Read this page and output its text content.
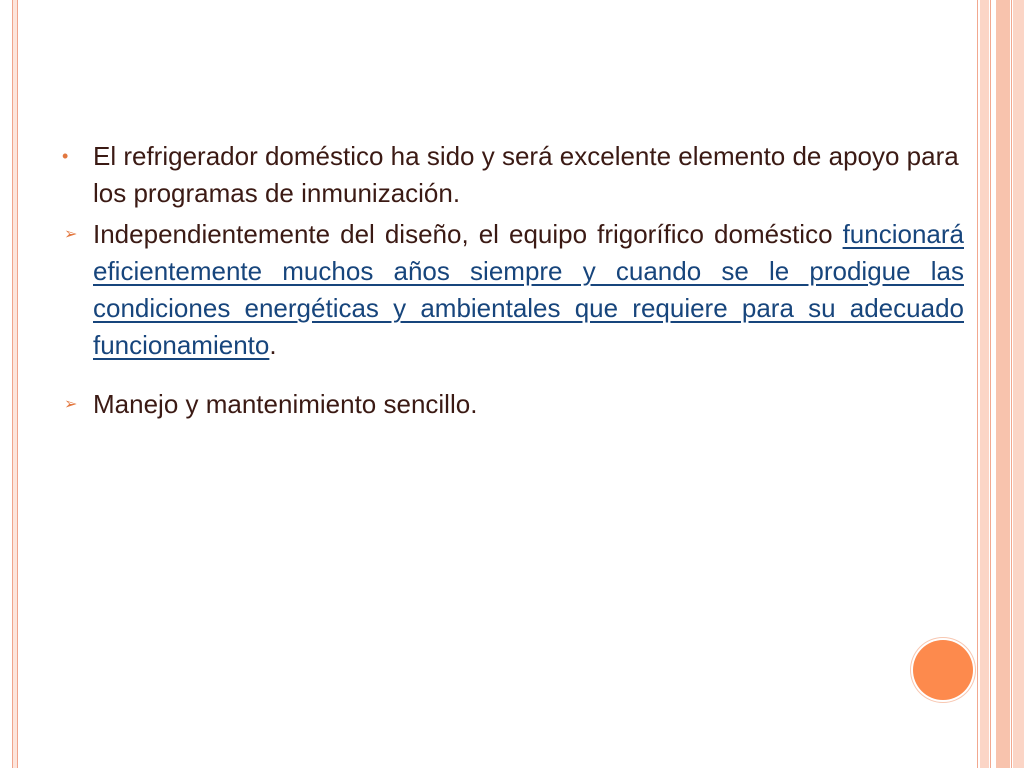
• El refrigerador doméstico ha sido y será excelente elemento de apoyo para los programas de inmunización.
➢ Independientemente del diseño, el equipo frigorífico doméstico funcionará eficientemente muchos años siempre y cuando se le prodigue las condiciones energéticas y ambientales que requiere para su adecuado funcionamiento.
➢ Manejo y mantenimiento sencillo.
